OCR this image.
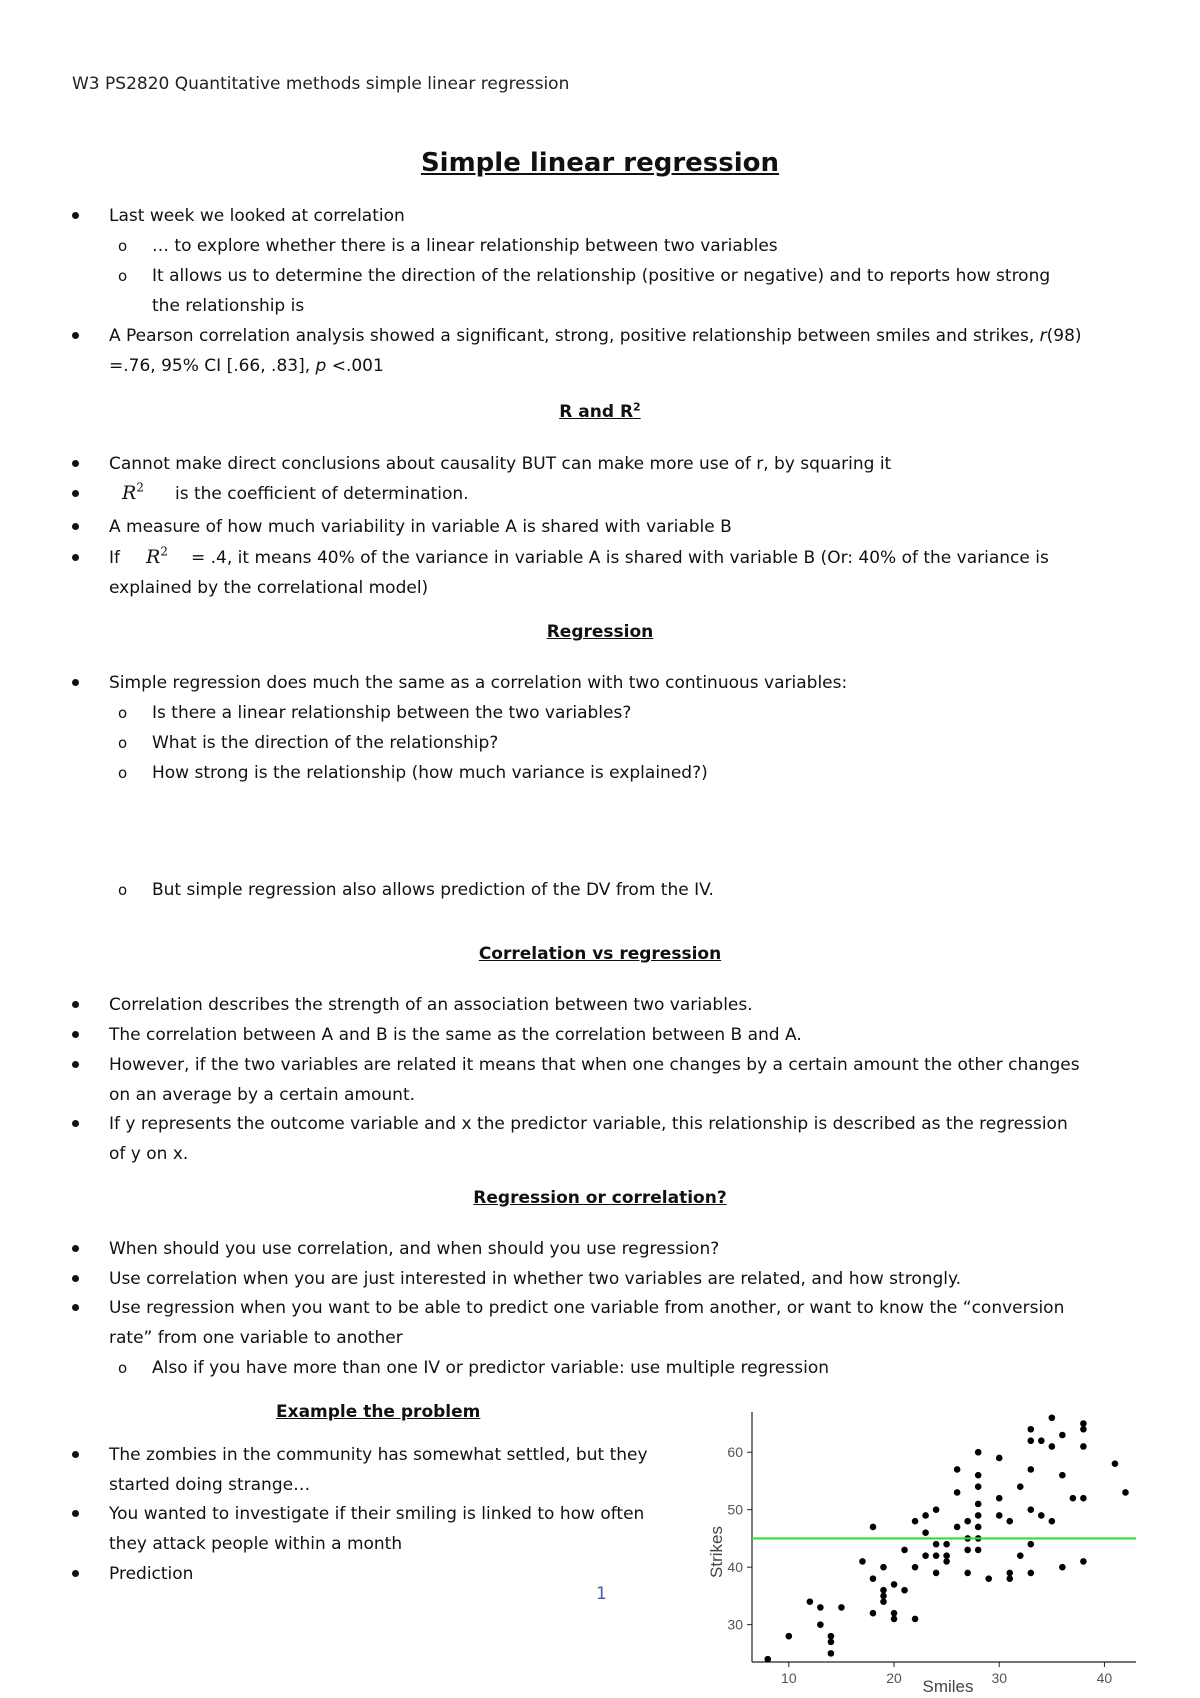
W3 PS2820 Quantitative methods simple linear regression
Simple linear regression
Last week we looked at correlation
o … to explore whether there is a linear relationship between two variables
o It allows us to determine the direction of the relationship (positive or negative) and to reports how strong
the relationship is
A Pearson correlation analysis showed a significant, strong, positive relationship between smiles and strikes, r(98)
=.76, 95% CI [.66, .83], p <.001
R and $R^2$
Cannot make direct conclusions about causality BUT can make more use of r, by squaring it
$R^2$ is the coefficient of determination.
A measure of how much variability in variable A is shared with variable B
If $R^2 = .4$, it means 40% of the variance in variable A is shared with variable B (Or: 40% of the variance is
explained by the correlational model)
Regression
Simple regression does much the same as a correlation with two continuous variables:
o Is there a linear relationship between the two variables?
o What is the direction of the relationship?
o How strong is the relationship (how much variance is explained?)
o But simple regression also allows prediction of the DV from the IV.
Correlation vs regression
Correlation describes the strength of an association between two variables.
The correlation between A and B is the same as the correlation between B and A.
However, if the two variables are related it means that when one changes by a certain amount the other changes
on an average by a certain amount.
If y represents the outcome variable and x the predictor variable, this relationship is described as the regression
of y on x.
Regression or correlation?
When should you use correlation, and when should you use regression?
Use correlation when you are just interested in whether two variables are related, and how strongly.
Use regression when you want to be able to predict one variable from another, or want to know the “conversion
rate” from one variable to another
o Also if you have more than one IV or predictor variable: use multiple regression
Example the problem
The zombies in the community has somewhat settled, but they
started doing strange…
You wanted to investigate if their smiling is linked to how often
they attack people within a month
Prediction
1
Strikes
Smiles
10	20	30	40
30
40
50
60
